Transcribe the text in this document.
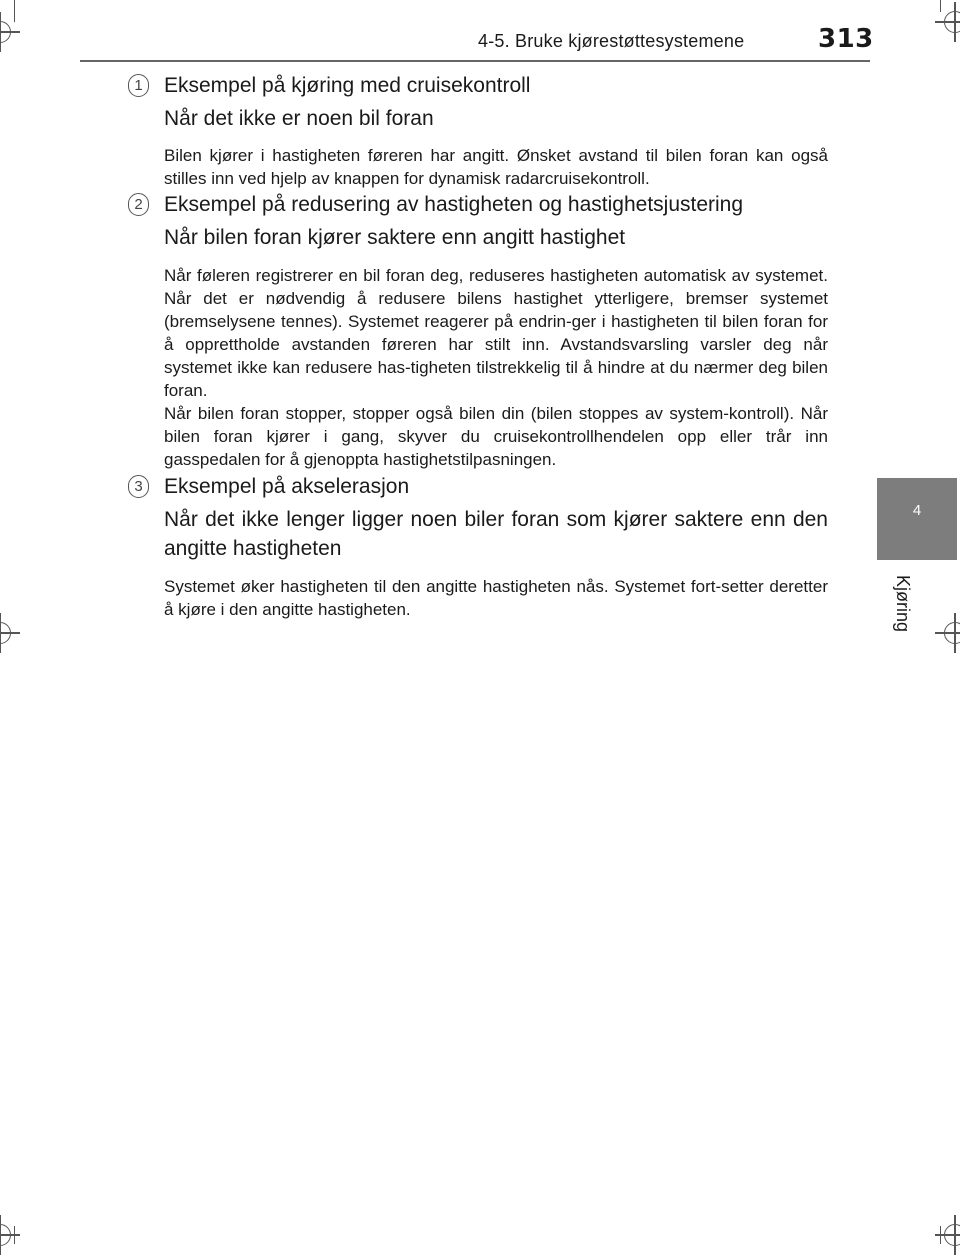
4-5. Bruke kjørestøttesystemene	313
4
Kjøring
1	Eksempel på kjøring med cruisekontroll
Når det ikke er noen bil foran

Bilen kjører i hastigheten føreren har angitt. Ønsket avstand til bilen foran kan også stilles inn ved hjelp av knappen for dynamisk radarcruisekontroll.

2	Eksempel på redusering av hastigheten og hastighetsjustering
Når bilen foran kjører saktere enn angitt hastighet

Når føleren registrerer en bil foran deg, reduseres hastigheten automatisk av systemet. Når det er nødvendig å redusere bilens hastighet ytterligere, bremser systemet (bremselysene tennes). Systemet reagerer på endrin-ger i hastigheten til bilen foran for å opprettholde avstanden føreren har stilt inn. Avstandsvarsling varsler deg når systemet ikke kan redusere has-tigheten tilstrekkelig til å hindre at du nærmer deg bilen foran.

Når bilen foran stopper, stopper også bilen din (bilen stoppes av system-kontroll). Når bilen foran kjører i gang, skyver du cruisekontrollhendelen opp eller trår inn gasspedalen for å gjenoppta hastighetstilpasningen.

3	Eksempel på akselerasjon
Når det ikke lenger ligger noen biler foran som kjører saktere enn den angitte hastigheten

Systemet øker hastigheten til den angitte hastigheten nås. Systemet fort-setter deretter å kjøre i den angitte hastigheten.
